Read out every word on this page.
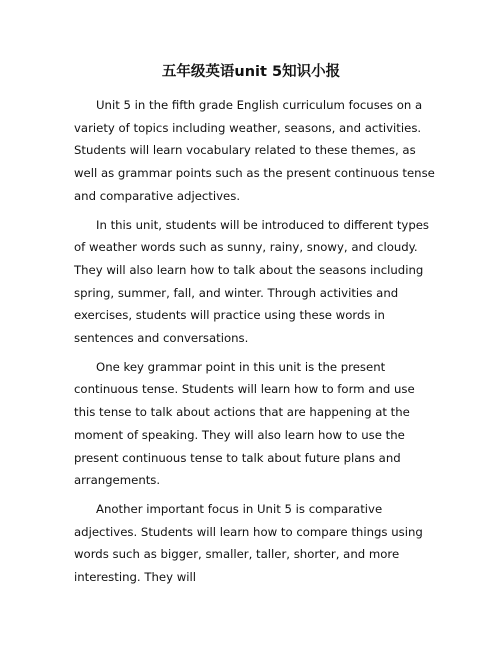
五年级英语unit 5知识小报

Unit 5 in the fifth grade English curriculum focuses on a variety of topics including weather, seasons, and activities. Students will learn vocabulary related to these themes, as well as grammar points such as the present continuous tense and comparative adjectives.

In this unit, students will be introduced to different types of weather words such as sunny, rainy, snowy, and cloudy. They will also learn how to talk about the seasons including spring, summer, fall, and winter. Through activities and exercises, students will practice using these words in sentences and conversations.

One key grammar point in this unit is the present continuous tense. Students will learn how to form and use this tense to talk about actions that are happening at the moment of speaking. They will also learn how to use the present continuous tense to talk about future plans and arrangements.

Another important focus in Unit 5 is comparative adjectives. Students will learn how to compare things using words such as bigger, smaller, taller, shorter, and more interesting. They will
